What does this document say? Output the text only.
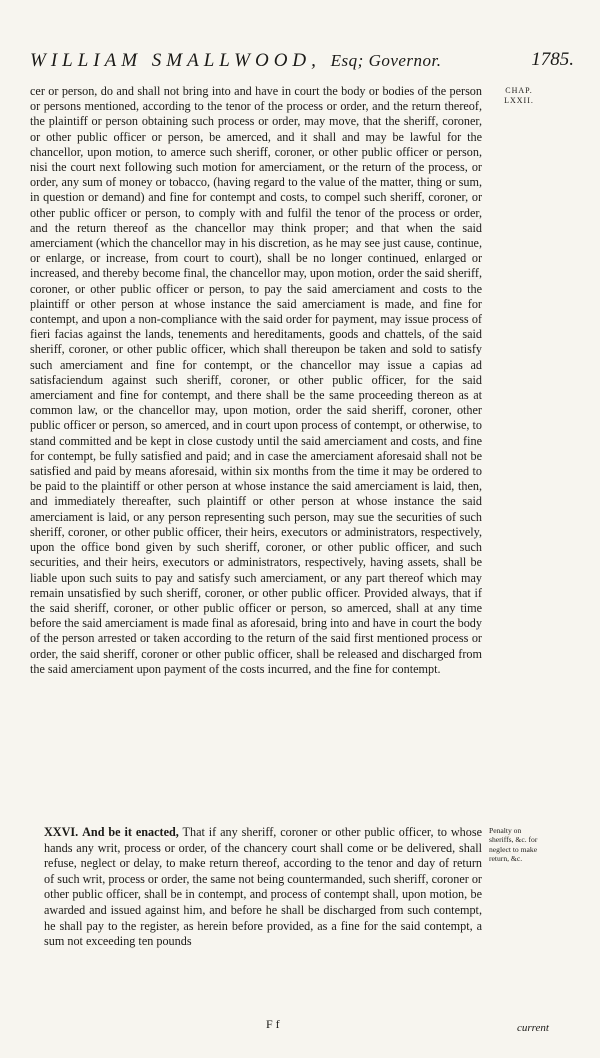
WILLIAM SMALLWOOD, Esq; Governor.	1785.
CHAP.
LXXII.

cer or person, do and shall not bring into and have in court the body or bodies of the person or persons mentioned, according to the tenor of the process or order, and the return thereof, the plaintiff or person obtaining such process or order, may move, that the sheriff, coroner, or other public officer or person, be amerced, and it shall and may be lawful for the chancellor, upon motion, to amerce such sheriff, coroner, or other public officer or person, nisi the court next following such motion for amerciament, or the return of the process, or order, any sum of money or tobacco, (having regard to the value of the matter, thing or sum, in question or demand) and fine for contempt and costs, to compel such sheriff, coroner, or other public officer or person, to comply with and fulfil the tenor of the process or order, and the return thereof as the chancellor may think proper; and that when the said amerciament (which the chancellor may in his discretion, as he may see just cause, continue, or enlarge, or increase, from court to court), shall be no longer continued, enlarged or increased, and thereby become final, the chancellor may, upon motion, order the said sheriff, coroner, or other public officer or person, to pay the said amerciament and costs to the plaintiff or other person at whose instance the said amerciament is made, and fine for contempt, and upon a non-compliance with the said order for payment, may issue process of fieri facias against the lands, tenements and hereditaments, goods and chattels, of the said sheriff, coroner, or other public officer, which shall thereupon be taken and sold to satisfy such amerciament and fine for contempt, or the chancellor may issue a capias ad satisfaciendum against such sheriff, coroner, or other public officer, for the said amerciament and fine for contempt, and there shall be the same proceeding thereon as at common law, or the chancellor may, upon motion, order the said sheriff, coroner, other public officer or person, so amerced, and in court upon process of contempt, or otherwise, to stand committed and be kept in close custody until the said amerciament and costs, and fine for contempt, be fully satisfied and paid; and in case the amerciament aforesaid shall not be satisfied and paid by means aforesaid, within six months from the time it may be ordered to be paid to the plaintiff or other person at whose instance the said amerciament is laid, then, and immediately thereafter, such plaintiff or other person at whose instance the said amerciament is laid, or any person representing such person, may sue the securities of such sheriff, coroner, or other public officer, their heirs, executors or administrators, respectively, upon the office bond given by such sheriff, coroner, or other public officer, and such securities, and their heirs, executors or administrators, respectively, having assets, shall be liable upon such suits to pay and satisfy such amerciament, or any part thereof which may remain unsatisfied by such sheriff, coroner, or other public officer. Provided always, that if the said sheriff, coroner, or other public officer or person, so amerced, shall at any time before the said amerciament is made final as aforesaid, bring into and have in court the body of the person arrested or taken according to the return of the said first mentioned process or order, the said sheriff, coroner or other public officer, shall be released and discharged from the said amerciament upon payment of the costs incurred, and the fine for contempt.

XXVI. And be it enacted, That if any sheriff, coroner or other public officer, to whose hands any writ, process or order, of the chancery court shall come or be delivered, shall refuse, neglect or delay, to make return thereof, according to the tenor and day of return of such writ, process or order, the same not being countermanded, such sheriff, coroner or other public officer, shall be in contempt, and process of contempt shall, upon motion, be awarded and issued against him, and before he shall be discharged from such contempt, he shall pay to the register, as herein before provided, as a fine for the said contempt, a sum not exceeding ten pounds

Penalty on sheriffs, &c. for neglect to make return, &c.
F f	current
